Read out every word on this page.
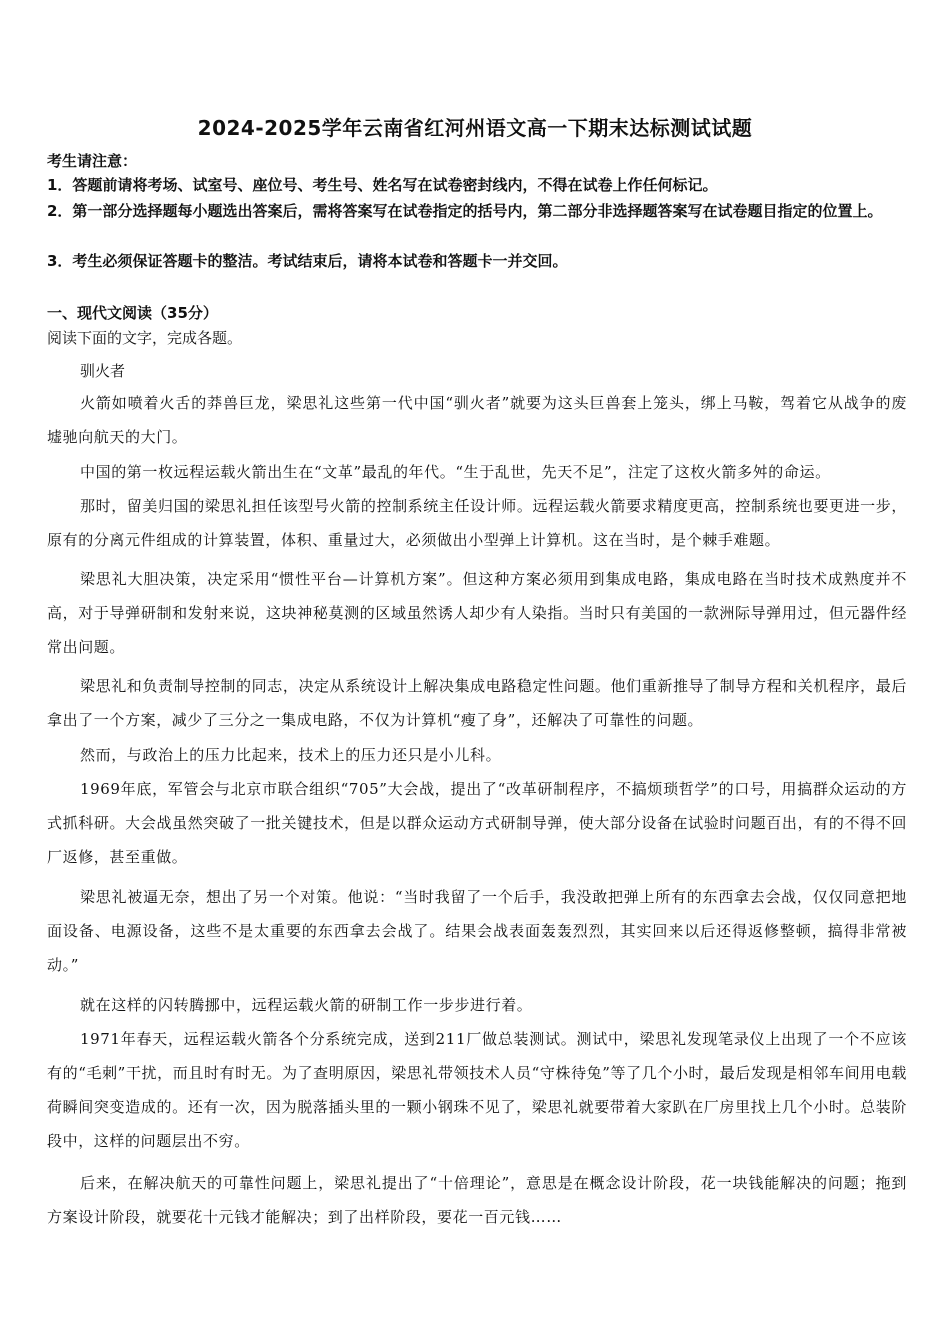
2024-2025学年云南省红河州语文高一下期末达标测试试题
考生请注意：
1．答题前请将考场、试室号、座位号、考生号、姓名写在试卷密封线内，不得在试卷上作任何标记。
2．第一部分选择题每小题选出答案后，需将答案写在试卷指定的括号内，第二部分非选择题答案写在试卷题目指定的位置上。
3．考生必须保证答题卡的整洁。考试结束后，请将本试卷和答题卡一并交回。
一、现代文阅读（35分）
阅读下面的文字，完成各题。
驯火者
火箭如喷着火舌的莽兽巨龙，梁思礼这些第一代中国“驯火者”就要为这头巨兽套上笼头，绑上马鞍，驾着它从战争的废墟驰向航天的大门。
中国的第一枚远程运载火箭出生在“文革”最乱的年代。“生于乱世，先天不足”，注定了这枚火箭多舛的命运。
那时，留美归国的梁思礼担任该型号火箭的控制系统主任设计师。远程运载火箭要求精度更高，控制系统也要更进一步，原有的分离元件组成的计算装置，体积、重量过大，必须做出小型弹上计算机。这在当时，是个棘手难题。
梁思礼大胆决策，决定采用“惯性平台—计算机方案”。但这种方案必须用到集成电路，集成电路在当时技术成熟度并不高，对于导弹研制和发射来说，这块神秘莫测的区域虽然诱人却少有人染指。当时只有美国的一款洲际导弹用过，但元器件经常出问题。
梁思礼和负责制导控制的同志，决定从系统设计上解决集成电路稳定性问题。他们重新推导了制导方程和关机程序，最后拿出了一个方案，减少了三分之一集成电路，不仅为计算机“瘦了身”，还解决了可靠性的问题。
然而，与政治上的压力比起来，技术上的压力还只是小儿科。
1969年底，军管会与北京市联合组织“705”大会战，提出了“改革研制程序，不搞烦琐哲学”的口号，用搞群众运动的方式抓科研。大会战虽然突破了一批关键技术，但是以群众运动方式研制导弹，使大部分设备在试验时问题百出，有的不得不回厂返修，甚至重做。
梁思礼被逼无奈，想出了另一个对策。他说：“当时我留了一个后手，我没敢把弹上所有的东西拿去会战，仅仅同意把地面设备、电源设备，这些不是太重要的东西拿去会战了。结果会战表面轰轰烈烈，其实回来以后还得返修整顿，搞得非常被动。”
就在这样的闪转腾挪中，远程运载火箭的研制工作一步步进行着。
1971年春天，远程运载火箭各个分系统完成，送到211厂做总装测试。测试中，梁思礼发现笔录仪上出现了一个不应该有的“毛刺”干扰，而且时有时无。为了查明原因，梁思礼带领技术人员“守株待兔”等了几个小时，最后发现是相邻车间用电载荷瞬间突变造成的。还有一次，因为脱落插头里的一颗小钢珠不见了，梁思礼就要带着大家趴在厂房里找上几个小时。总装阶段中，这样的问题层出不穷。
后来，在解决航天的可靠性问题上，梁思礼提出了“十倍理论”，意思是在概念设计阶段，花一块钱能解决的问题；拖到方案设计阶段，就要花十元钱才能解决；到了出样阶段，要花一百元钱……
